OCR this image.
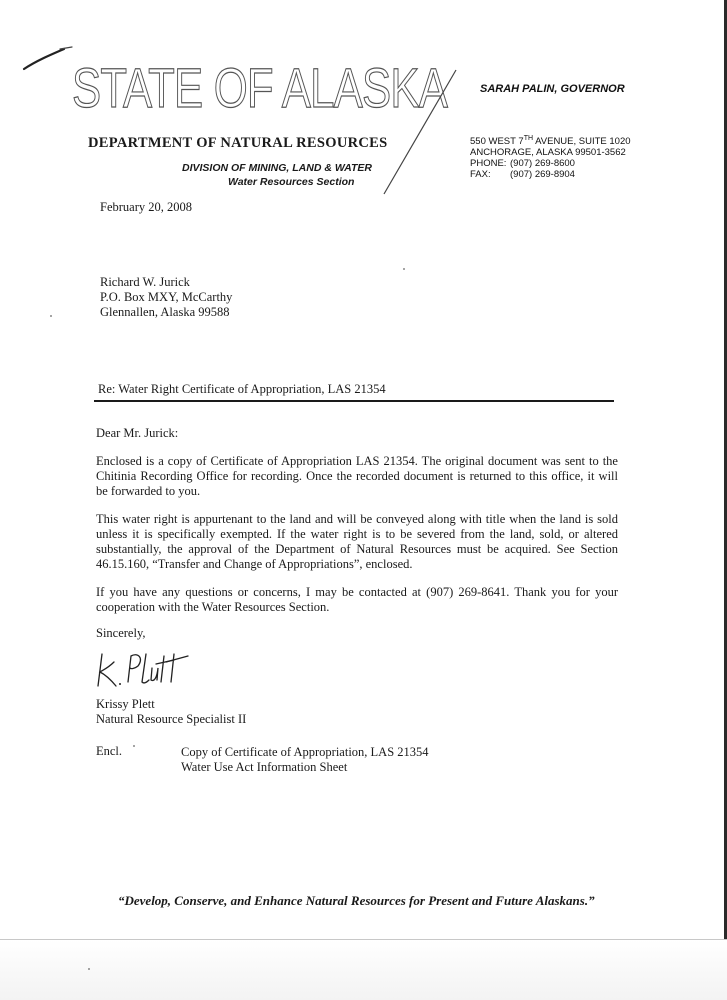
STATE OF ALASKA	SARAH PALIN, GOVERNOR
DEPARTMENT OF NATURAL RESOURCES
DIVISION OF MINING, LAND & WATER
Water Resources Section
550 WEST 7TH AVENUE, SUITE 1020
ANCHORAGE, ALASKA 99501-3562
PHONE: (907) 269-8600
FAX: (907) 269-8904
February 20, 2008
Richard W. Jurick
P.O. Box MXY, McCarthy
Glennallen, Alaska 99588
Re: Water Right Certificate of Appropriation, LAS 21354
Dear Mr. Jurick:
Enclosed is a copy of Certificate of Appropriation LAS 21354. The original document was sent to the Chitinia Recording Office for recording. Once the recorded document is returned to this office, it will be forwarded to you.
This water right is appurtenant to the land and will be conveyed along with title when the land is sold unless it is specifically exempted. If the water right is to be severed from the land, sold, or altered substantially, the approval of the Department of Natural Resources must be acquired. See Section 46.15.160, “Transfer and Change of Appropriations”, enclosed.
If you have any questions or concerns, I may be contacted at (907) 269-8641. Thank you for your cooperation with the Water Resources Section.
Sincerely,
Krissy Plett
Natural Resource Specialist II
Encl.	Copy of Certificate of Appropriation, LAS 21354
Water Use Act Information Sheet
“Develop, Conserve, and Enhance Natural Resources for Present and Future Alaskans.”
